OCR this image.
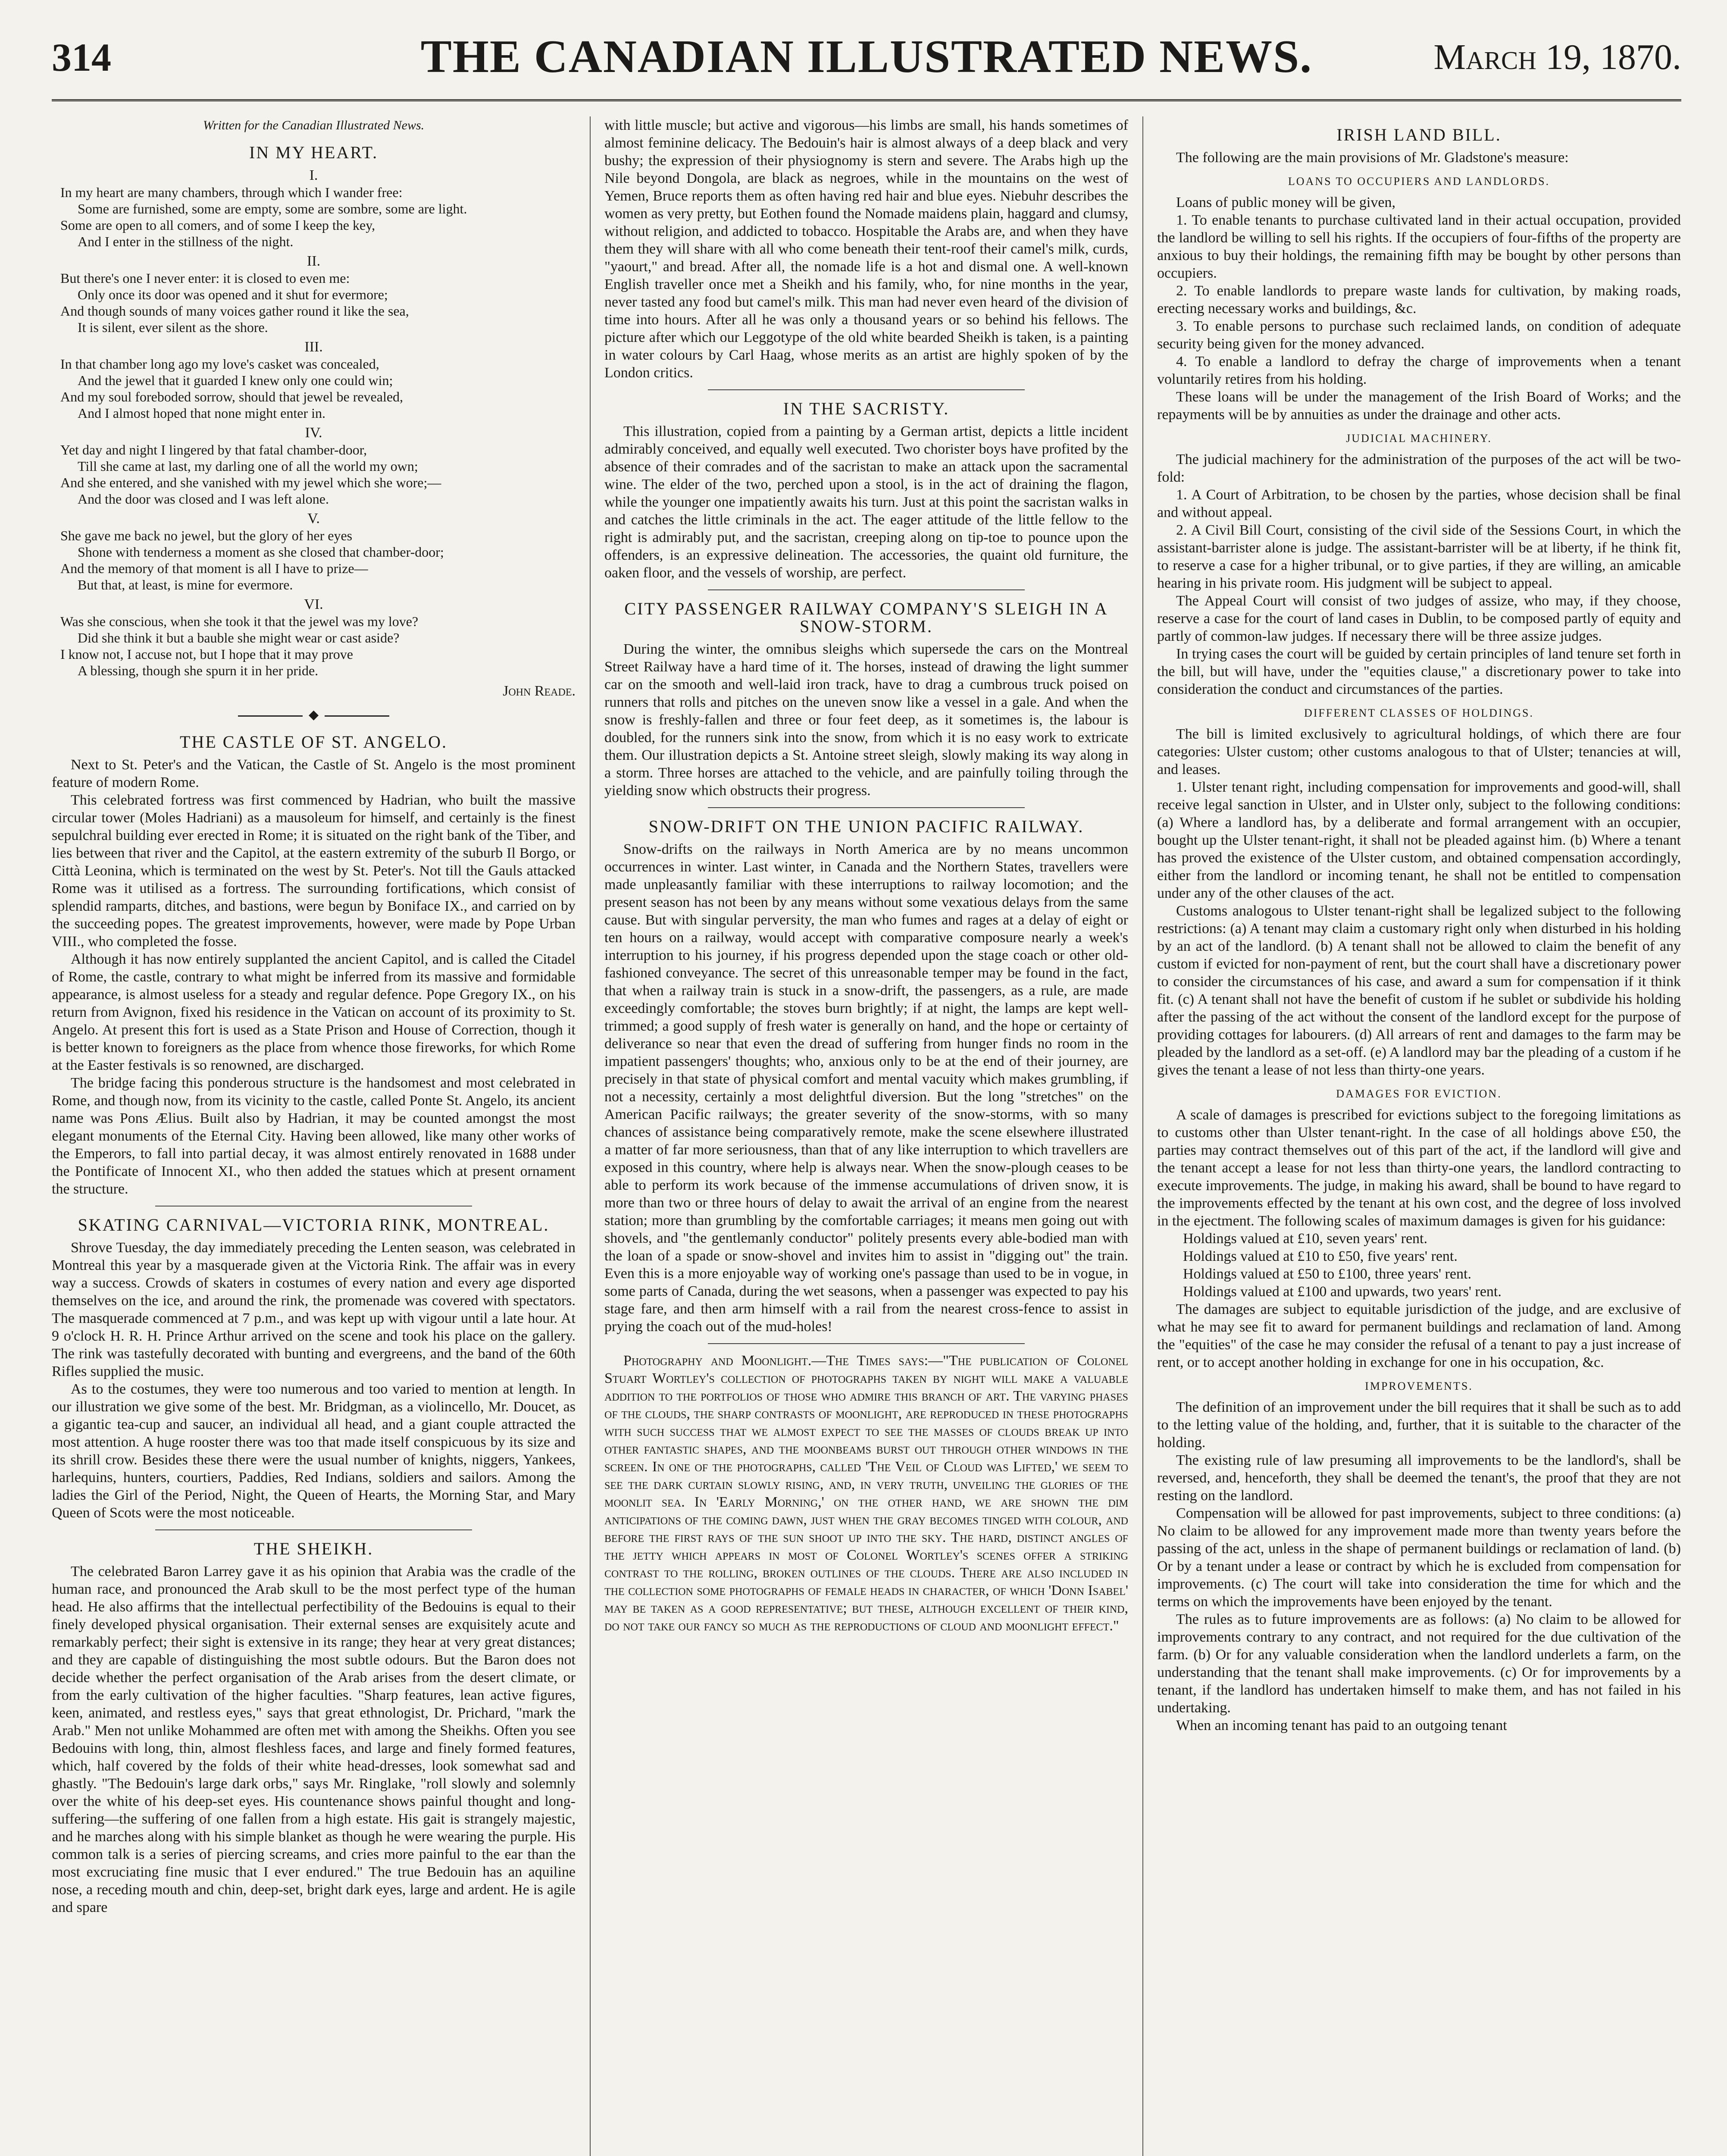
314	THE CANADIAN ILLUSTRATED NEWS.	March 19, 1870.

Written for the Canadian Illustrated News.

IN MY HEART.

I.

In my heart are many chambers, through which I wander free:

Some are furnished, some are empty, some are sombre, some are light.

Some are open to all comers, and of some I keep the key,

And I enter in the stillness of the night.

II.

But there's one I never enter: it is closed to even me:

Only once its door was opened and it shut for evermore;

And though sounds of many voices gather round it like the sea,

It is silent, ever silent as the shore.

III.

In that chamber long ago my love's casket was concealed,

And the jewel that it guarded I knew only one could win;

And my soul foreboded sorrow, should that jewel be revealed,

And I almost hoped that none might enter in.

IV.

Yet day and night I lingered by that fatal chamber-door,

Till she came at last, my darling one of all the world my own;

And she entered, and she vanished with my jewel which she wore;—

And the door was closed and I was left alone.

V.

She gave me back no jewel, but the glory of her eyes

Shone with tenderness a moment as she closed that chamber-door;

And the memory of that moment is all I have to prize—

But that, at least, is mine for evermore.

VI.

Was she conscious, when she took it that the jewel was my love?

Did she think it but a bauble she might wear or cast aside?

I know not, I accuse not, but I hope that it may prove

A blessing, though she spurn it in her pride.

John Reade.

◆

THE CASTLE OF ST. ANGELO.

Next to St. Peter's and the Vatican, the Castle of St. Angelo is the most prominent feature of modern Rome.

This celebrated fortress was first commenced by Hadrian, who built the massive circular tower (Moles Hadriani) as a mausoleum for himself, and certainly is the finest sepulchral building ever erected in Rome; it is situated on the right bank of the Tiber, and lies between that river and the Capitol, at the eastern extremity of the suburb Il Borgo, or Città Leonina, which is terminated on the west by St. Peter's. Not till the Gauls attacked Rome was it utilised as a fortress. The surrounding fortifications, which consist of splendid ramparts, ditches, and bastions, were begun by Boniface IX., and carried on by the succeeding popes. The greatest improvements, however, were made by Pope Urban VIII., who completed the fosse.

Although it has now entirely supplanted the ancient Capitol, and is called the Citadel of Rome, the castle, contrary to what might be inferred from its massive and formidable appearance, is almost useless for a steady and regular defence. Pope Gregory IX., on his return from Avignon, fixed his residence in the Vatican on account of its proximity to St. Angelo. At present this fort is used as a State Prison and House of Correction, though it is better known to foreigners as the place from whence those fireworks, for which Rome at the Easter festivals is so renowned, are discharged.

The bridge facing this ponderous structure is the handsomest and most celebrated in Rome, and though now, from its vicinity to the castle, called Ponte St. Angelo, its ancient name was Pons Ælius. Built also by Hadrian, it may be counted amongst the most elegant monuments of the Eternal City. Having been allowed, like many other works of the Emperors, to fall into partial decay, it was almost entirely renovated in 1688 under the Pontificate of Innocent XI., who then added the statues which at present ornament the structure.

SKATING CARNIVAL—VICTORIA RINK, MONTREAL.

Shrove Tuesday, the day immediately preceding the Lenten season, was celebrated in Montreal this year by a masquerade given at the Victoria Rink. The affair was in every way a success. Crowds of skaters in costumes of every nation and every age disported themselves on the ice, and around the rink, the promenade was covered with spectators. The masquerade commenced at 7 p.m., and was kept up with vigour until a late hour. At 9 o'clock H. R. H. Prince Arthur arrived on the scene and took his place on the gallery. The rink was tastefully decorated with bunting and evergreens, and the band of the 60th Rifles supplied the music.

As to the costumes, they were too numerous and too varied to mention at length. In our illustration we give some of the best. Mr. Bridgman, as a violincello, Mr. Doucet, as a gigantic tea-cup and saucer, an individual all head, and a giant couple attracted the most attention. A huge rooster there was too that made itself conspicuous by its size and its shrill crow. Besides these there were the usual number of knights, niggers, Yankees, harlequins, hunters, courtiers, Paddies, Red Indians, soldiers and sailors. Among the ladies the Girl of the Period, Night, the Queen of Hearts, the Morning Star, and Mary Queen of Scots were the most noticeable.

THE SHEIKH.

The celebrated Baron Larrey gave it as his opinion that Arabia was the cradle of the human race, and pronounced the Arab skull to be the most perfect type of the human head. He also affirms that the intellectual perfectibility of the Bedouins is equal to their finely developed physical organisation. Their external senses are exquisitely acute and remarkably perfect; their sight is extensive in its range; they hear at very great distances; and they are capable of distinguishing the most subtle odours. But the Baron does not decide whether the perfect organisation of the Arab arises from the desert climate, or from the early cultivation of the higher faculties. "Sharp features, lean active figures, keen, animated, and restless eyes," says that great ethnologist, Dr. Prichard, "mark the Arab." Men not unlike Mohammed are often met with among the Sheikhs. Often you see Bedouins with long, thin, almost fleshless faces, and large and finely formed features, which, half covered by the folds of their white head-dresses, look somewhat sad and ghastly. "The Bedouin's large dark orbs," says Mr. Ringlake, "roll slowly and solemnly over the white of his deep-set eyes. His countenance shows painful thought and long-suffering—the suffering of one fallen from a high estate. His gait is strangely majestic, and he marches along with his simple blanket as though he were wearing the purple. His common talk is a series of piercing screams, and cries more painful to the ear than the most excruciating fine music that I ever endured." The true Bedouin has an aquiline nose, a receding mouth and chin, deep-set, bright dark eyes, large and ardent. He is agile and spare

with little muscle; but active and vigorous—his limbs are small, his hands sometimes of almost feminine delicacy. The Bedouin's hair is almost always of a deep black and very bushy; the expression of their physiognomy is stern and severe. The Arabs high up the Nile beyond Dongola, are black as negroes, while in the mountains on the west of Yemen, Bruce reports them as often having red hair and blue eyes. Niebuhr describes the women as very pretty, but Eothen found the Nomade maidens plain, haggard and clumsy, without religion, and addicted to tobacco. Hospitable the Arabs are, and when they have them they will share with all who come beneath their tent-roof their camel's milk, curds, "yaourt," and bread. After all, the nomade life is a hot and dismal one. A well-known English traveller once met a Sheikh and his family, who, for nine months in the year, never tasted any food but camel's milk. This man had never even heard of the division of time into hours. After all he was only a thousand years or so behind his fellows. The picture after which our Leggotype of the old white bearded Sheikh is taken, is a painting in water colours by Carl Haag, whose merits as an artist are highly spoken of by the London critics.

IN THE SACRISTY.

This illustration, copied from a painting by a German artist, depicts a little incident admirably conceived, and equally well executed. Two chorister boys have profited by the absence of their comrades and of the sacristan to make an attack upon the sacramental wine. The elder of the two, perched upon a stool, is in the act of draining the flagon, while the younger one impatiently awaits his turn. Just at this point the sacristan walks in and catches the little criminals in the act. The eager attitude of the little fellow to the right is admirably put, and the sacristan, creeping along on tip-toe to pounce upon the offenders, is an expressive delineation. The accessories, the quaint old furniture, the oaken floor, and the vessels of worship, are perfect.

CITY PASSENGER RAILWAY COMPANY'S SLEIGH IN A SNOW-STORM.

During the winter, the omnibus sleighs which supersede the cars on the Montreal Street Railway have a hard time of it. The horses, instead of drawing the light summer car on the smooth and well-laid iron track, have to drag a cumbrous truck poised on runners that rolls and pitches on the uneven snow like a vessel in a gale. And when the snow is freshly-fallen and three or four feet deep, as it sometimes is, the labour is doubled, for the runners sink into the snow, from which it is no easy work to extricate them. Our illustration depicts a St. Antoine street sleigh, slowly making its way along in a storm. Three horses are attached to the vehicle, and are painfully toiling through the yielding snow which obstructs their progress.

SNOW-DRIFT ON THE UNION PACIFIC RAILWAY.

Snow-drifts on the railways in North America are by no means uncommon occurrences in winter. Last winter, in Canada and the Northern States, travellers were made unpleasantly familiar with these interruptions to railway locomotion; and the present season has not been by any means without some vexatious delays from the same cause. But with singular perversity, the man who fumes and rages at a delay of eight or ten hours on a railway, would accept with comparative composure nearly a week's interruption to his journey, if his progress depended upon the stage coach or other old-fashioned conveyance. The secret of this unreasonable temper may be found in the fact, that when a railway train is stuck in a snow-drift, the passengers, as a rule, are made exceedingly comfortable; the stoves burn brightly; if at night, the lamps are kept well-trimmed; a good supply of fresh water is generally on hand, and the hope or certainty of deliverance so near that even the dread of suffering from hunger finds no room in the impatient passengers' thoughts; who, anxious only to be at the end of their journey, are precisely in that state of physical comfort and mental vacuity which makes grumbling, if not a necessity, certainly a most delightful diversion. But the long "stretches" on the American Pacific railways; the greater severity of the snow-storms, with so many chances of assistance being comparatively remote, make the scene elsewhere illustrated a matter of far more seriousness, than that of any like interruption to which travellers are exposed in this country, where help is always near. When the snow-plough ceases to be able to perform its work because of the immense accumulations of driven snow, it is more than two or three hours of delay to await the arrival of an engine from the nearest station; more than grumbling by the comfortable carriages; it means men going out with shovels, and "the gentlemanly conductor" politely presents every able-bodied man with the loan of a spade or snow-shovel and invites him to assist in "digging out" the train. Even this is a more enjoyable way of working one's passage than used to be in vogue, in some parts of Canada, during the wet seasons, when a passenger was expected to pay his stage fare, and then arm himself with a rail from the nearest cross-fence to assist in prying the coach out of the mud-holes!

Photography and Moonlight.—The Times says:—"The publication of Colonel Stuart Wortley's collection of photographs taken by night will make a valuable addition to the portfolios of those who admire this branch of art. The varying phases of the clouds, the sharp contrasts of moonlight, are reproduced in these photographs with such success that we almost expect to see the masses of clouds break up into other fantastic shapes, and the moonbeams burst out through other windows in the screen. In one of the photographs, called 'The Veil of Cloud was Lifted,' we seem to see the dark curtain slowly rising, and, in very truth, unveiling the glories of the moonlit sea. In 'Early Morning,' on the other hand, we are shown the dim anticipations of the coming dawn, just when the gray becomes tinged with colour, and before the first rays of the sun shoot up into the sky. The hard, distinct angles of the jetty which appears in most of Colonel Wortley's scenes offer a striking contrast to the rolling, broken outlines of the clouds. There are also included in the collection some photographs of female heads in character, of which 'Donn Isabel' may be taken as a good representative; but these, although excellent of their kind, do not take our fancy so much as the reproductions of cloud and moonlight effect."

IRISH LAND BILL.

The following are the main provisions of Mr. Gladstone's measure:

LOANS TO OCCUPIERS AND LANDLORDS.

Loans of public money will be given,

1. To enable tenants to purchase cultivated land in their actual occupation, provided the landlord be willing to sell his rights. If the occupiers of four-fifths of the property are anxious to buy their holdings, the remaining fifth may be bought by other persons than occupiers.

2. To enable landlords to prepare waste lands for cultivation, by making roads, erecting necessary works and buildings, &c.

3. To enable persons to purchase such reclaimed lands, on condition of adequate security being given for the money advanced.

4. To enable a landlord to defray the charge of improvements when a tenant voluntarily retires from his holding.

These loans will be under the management of the Irish Board of Works; and the repayments will be by annuities as under the drainage and other acts.

JUDICIAL MACHINERY.

The judicial machinery for the administration of the purposes of the act will be two-fold:

1. A Court of Arbitration, to be chosen by the parties, whose decision shall be final and without appeal.

2. A Civil Bill Court, consisting of the civil side of the Sessions Court, in which the assistant-barrister alone is judge. The assistant-barrister will be at liberty, if he think fit, to reserve a case for a higher tribunal, or to give parties, if they are willing, an amicable hearing in his private room. His judgment will be subject to appeal.

The Appeal Court will consist of two judges of assize, who may, if they choose, reserve a case for the court of land cases in Dublin, to be composed partly of equity and partly of common-law judges. If necessary there will be three assize judges.

In trying cases the court will be guided by certain principles of land tenure set forth in the bill, but will have, under the "equities clause," a discretionary power to take into consideration the conduct and circumstances of the parties.

DIFFERENT CLASSES OF HOLDINGS.

The bill is limited exclusively to agricultural holdings, of which there are four categories: Ulster custom; other customs analogous to that of Ulster; tenancies at will, and leases.

1. Ulster tenant right, including compensation for improvements and good-will, shall receive legal sanction in Ulster, and in Ulster only, subject to the following conditions: (a) Where a landlord has, by a deliberate and formal arrangement with an occupier, bought up the Ulster tenant-right, it shall not be pleaded against him. (b) Where a tenant has proved the existence of the Ulster custom, and obtained compensation accordingly, either from the landlord or incoming tenant, he shall not be entitled to compensation under any of the other clauses of the act.

Customs analogous to Ulster tenant-right shall be legalized subject to the following restrictions: (a) A tenant may claim a customary right only when disturbed in his holding by an act of the landlord. (b) A tenant shall not be allowed to claim the benefit of any custom if evicted for non-payment of rent, but the court shall have a discretionary power to consider the circumstances of his case, and award a sum for compensation if it think fit. (c) A tenant shall not have the benefit of custom if he sublet or subdivide his holding after the passing of the act without the consent of the landlord except for the purpose of providing cottages for labourers. (d) All arrears of rent and damages to the farm may be pleaded by the landlord as a set-off. (e) A landlord may bar the pleading of a custom if he gives the tenant a lease of not less than thirty-one years.

DAMAGES FOR EVICTION.

A scale of damages is prescribed for evictions subject to the foregoing limitations as to customs other than Ulster tenant-right. In the case of all holdings above £50, the parties may contract themselves out of this part of the act, if the landlord will give and the tenant accept a lease for not less than thirty-one years, the landlord contracting to execute improvements. The judge, in making his award, shall be bound to have regard to the improvements effected by the tenant at his own cost, and the degree of loss involved in the ejectment. The following scales of maximum damages is given for his guidance:

Holdings valued at £10, seven years' rent.

Holdings valued at £10 to £50, five years' rent.

Holdings valued at £50 to £100, three years' rent.

Holdings valued at £100 and upwards, two years' rent.

The damages are subject to equitable jurisdiction of the judge, and are exclusive of what he may see fit to award for permanent buildings and reclamation of land. Among the "equities" of the case he may consider the refusal of a tenant to pay a just increase of rent, or to accept another holding in exchange for one in his occupation, &c.

IMPROVEMENTS.

The definition of an improvement under the bill requires that it shall be such as to add to the letting value of the holding, and, further, that it is suitable to the character of the holding.

The existing rule of law presuming all improvements to be the landlord's, shall be reversed, and, henceforth, they shall be deemed the tenant's, the proof that they are not resting on the landlord.

Compensation will be allowed for past improvements, subject to three conditions: (a) No claim to be allowed for any improvement made more than twenty years before the passing of the act, unless in the shape of permanent buildings or reclamation of land. (b) Or by a tenant under a lease or contract by which he is excluded from compensation for improvements. (c) The court will take into consideration the time for which and the terms on which the improvements have been enjoyed by the tenant.

The rules as to future improvements are as follows: (a) No claim to be allowed for improvements contrary to any contract, and not required for the due cultivation of the farm. (b) Or for any valuable consideration when the landlord underlets a farm, on the understanding that the tenant shall make improvements. (c) Or for improvements by a tenant, if the landlord has undertaken himself to make them, and has not failed in his undertaking.

When an incoming tenant has paid to an outgoing tenant
